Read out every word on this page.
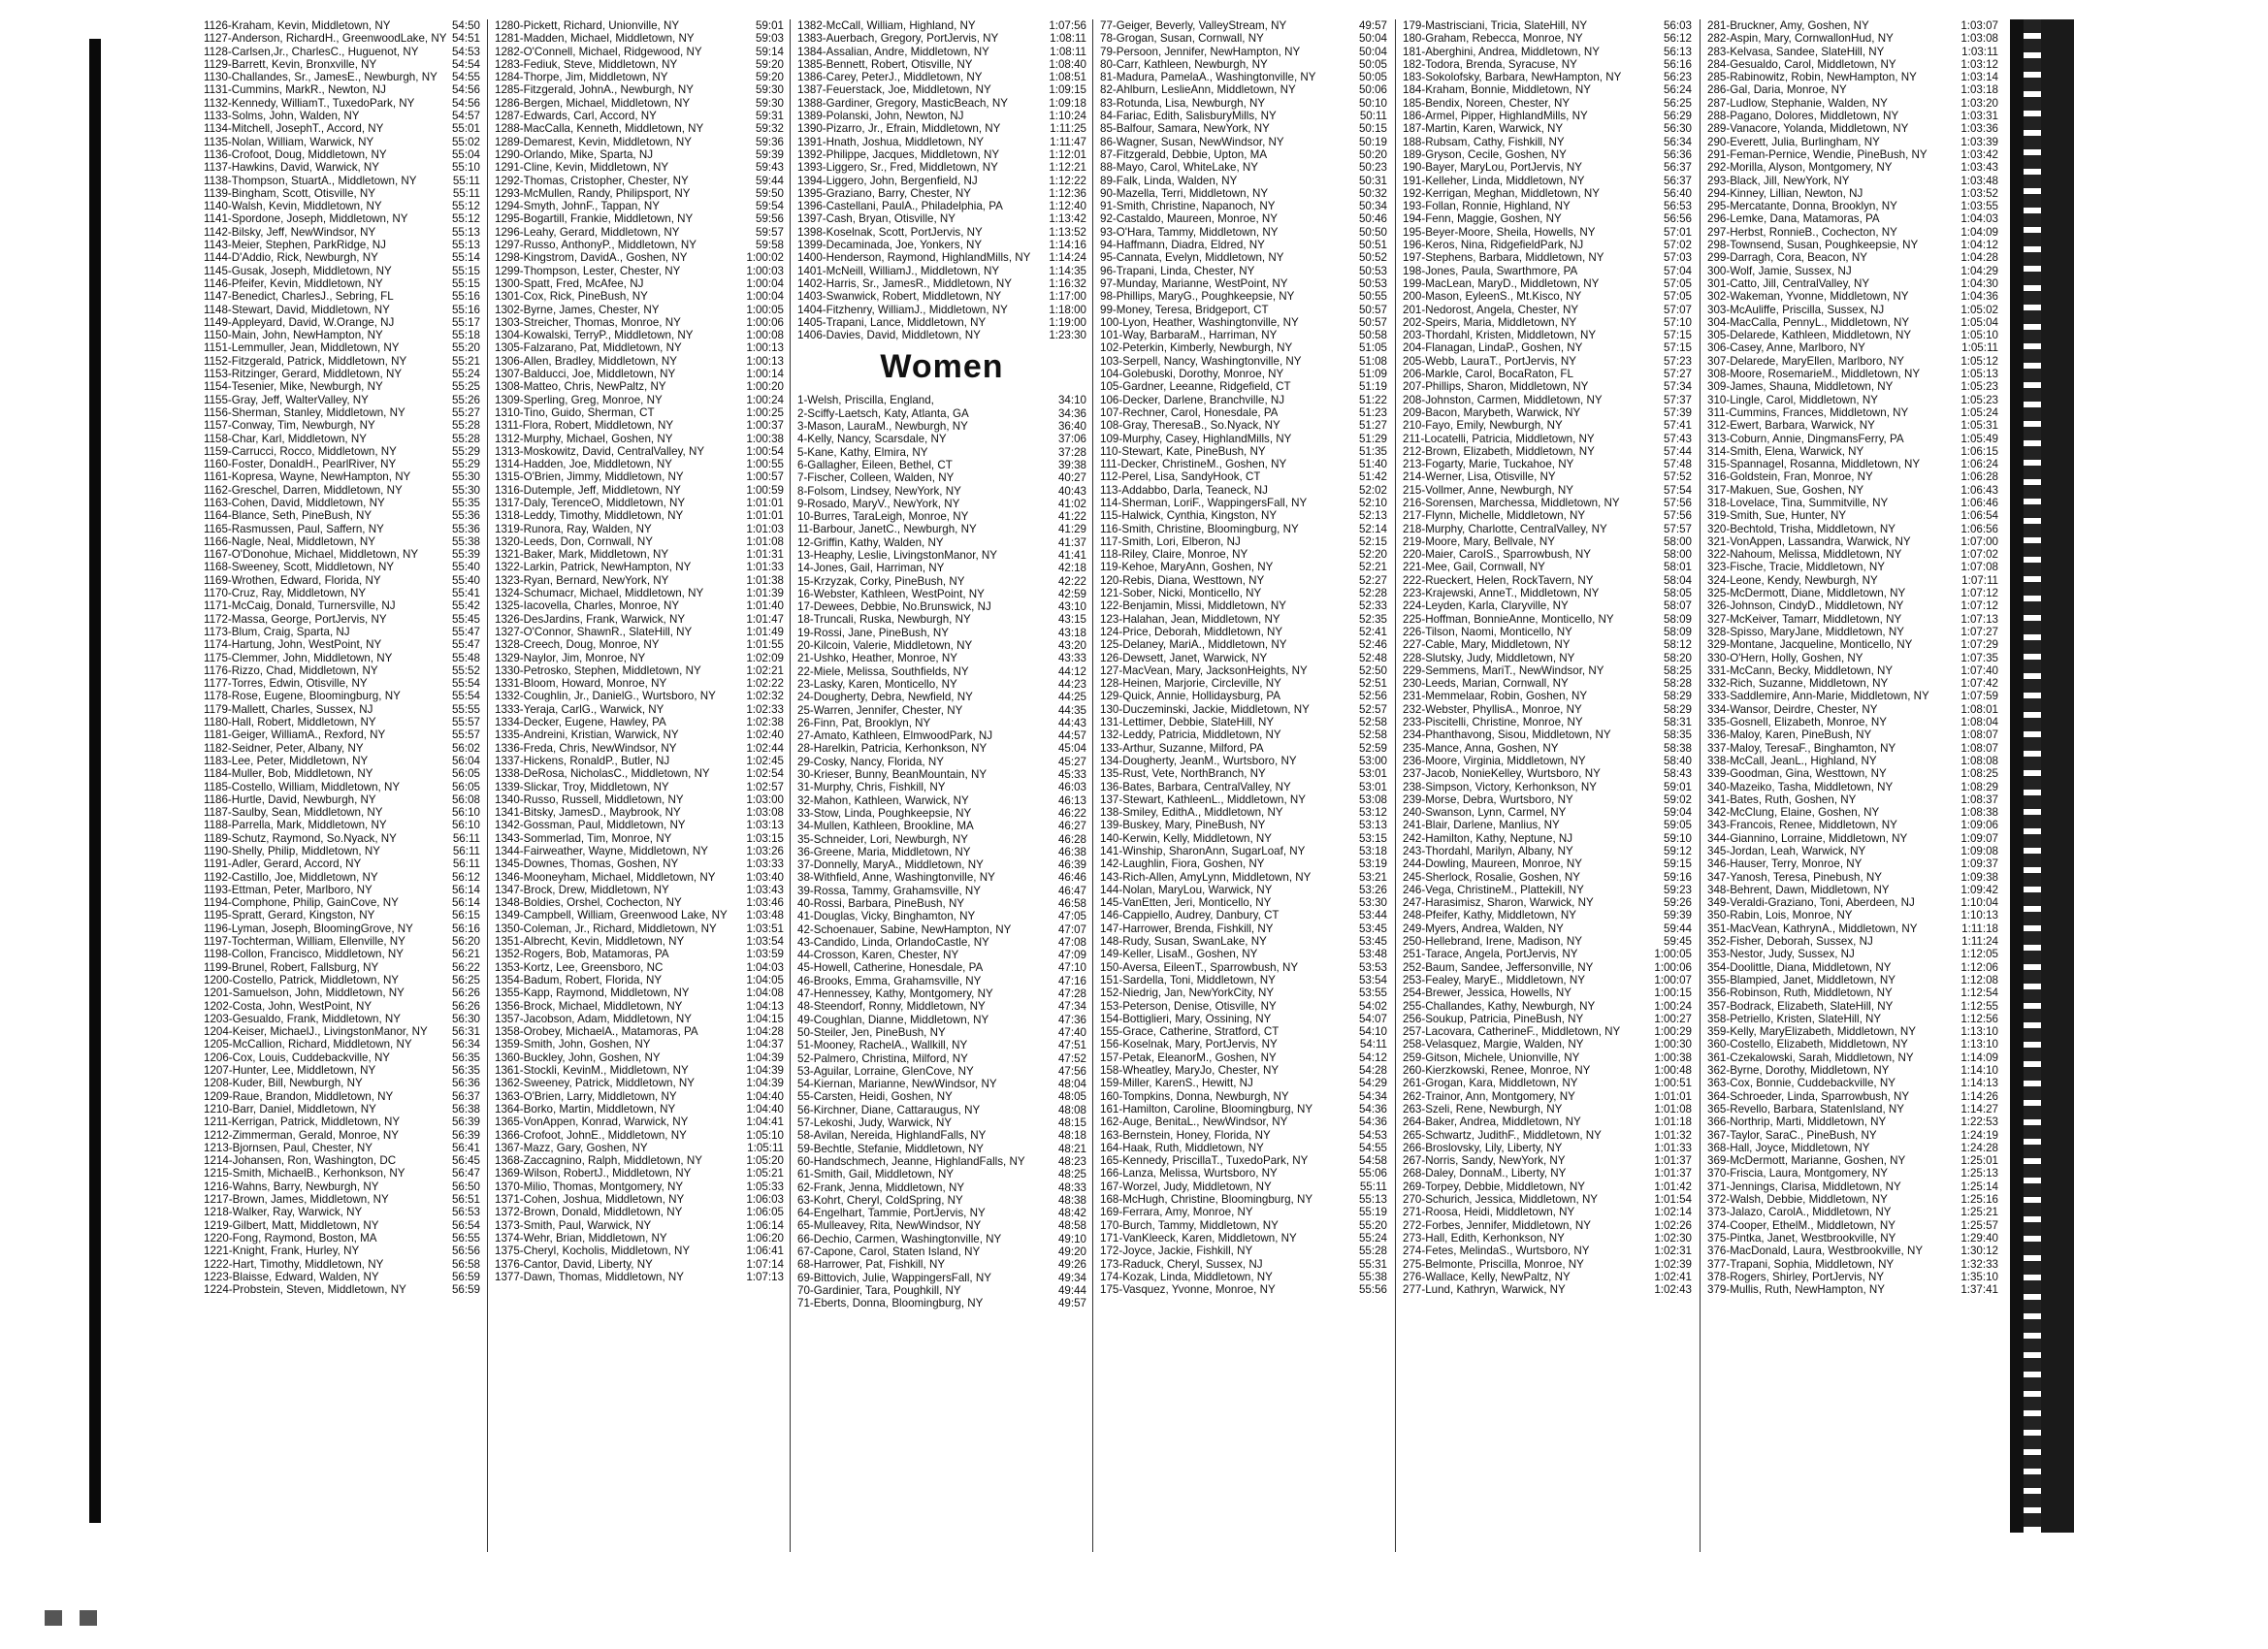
1126-Kraham, Kevin, Middletown, NY	54:50
1127-Anderson, RichardH., GreenwoodLake, NY 54:51
1128-Carlsen,Jr., CharlesC., Huguenot, NY	54:53
1129-Barrett, Kevin, Bronxville, NY	54:54
1130-Challandes, Sr., JamesE., Newburgh, NY	54:55
1131-Cummins, MarkR., Newton, NJ	54:56
1132-Kennedy, WilliamT., TuxedoPark, NY	54:56
1133-Solms, John, Walden, NY	54:57
1134-Mitchell, JosephT., Accord, NY	55:01
1135-Nolan, William, Warwick, NY	55:02
1136-Crofoot, Doug, Middletown, NY	55:04
1137-Hawkins, David, Warwick, NY	55:10
1138-Thompson, StuartA., Middletown, NY	55:11
1139-Bingham, Scott, Otisville, NY	55:11
1140-Walsh, Kevin, Middletown, NY	55:12
1141-Spordone, Joseph, Middletown, NY	55:12
1142-Bilsky, Jeff, NewWindsor, NY	55:13
1143-Meier, Stephen, ParkRidge, NJ	55:13
1144-D'Addio, Rick, Newburgh, NY	55:14
1145-Gusak, Joseph, Middletown, NY	55:15
1146-Pfeifer, Kevin, Middletown, NY	55:15
1147-Benedict, CharlesJ., Sebring, FL	55:16
1148-Stewart, David, Middletown, NY	55:16
1149-Appleyard, David, W.Orange, NJ	55:17
1150-Main, John, NewHampton, NY	55:18
1151-Lemmuller, Jean, Middletown, NY	55:20
1152-Fitzgerald, Patrick, Middletown, NY	55:21
1153-Ritzinger, Gerard, Middletown, NY	55:24
1154-Tesenier, Mike, Newburgh, NY	55:25
1155-Gray, Jeff, WalterValley, NY	55:26
1156-Sherman, Stanley, Middletown, NY	55:27
1157-Conway, Tim, Newburgh, NY	55:28
1158-Char, Karl, Middletown, NY	55:28
1159-Carrucci, Rocco, Middletown, NY	55:29
1160-Foster, DonaldH., PearlRiver, NY	55:29
1161-Kopresa, Wayne, NewHampton, NY	55:30
1162-Greschel, Darren, Middletown, NY	55:30
1163-Cohen, David, Middletown, NY	55:35
1164-Blance, Seth, PineBush, NY	55:36
1165-Rasmussen, Paul, Saffern, NY	55:36
1166-Nagle, Neal, Middletown, NY	55:38
1167-O'Donohue, Michael, Middletown, NY	55:39
1168-Sweeney, Scott, Middletown, NY	55:40
1169-Wrothen, Edward, Florida, NY	55:40
1170-Cruz, Ray, Middletown, NY	55:41
1171-McCaig, Donald, Turnersville, NJ	55:42
1172-Massa, George, PortJervis, NY	55:45
1173-Blum, Craig, Sparta, NJ	55:47
1174-Hartung, John, WestPoint, NY	55:47
1175-Clemmer, John, Middletown, NY	55:48
1176-Rizzo, Chad, Middletown, NY	55:52
1177-Torres, Edwin, Otisville, NY	55:54
1178-Rose, Eugene, Bloomingburg, NY	55:54
1179-Mallett, Charles, Sussex, NJ	55:55
1180-Hall, Robert, Middletown, NY	55:57
1181-Geiger, WilliamA., Rexford, NY	55:57
1182-Seidner, Peter, Albany, NY	56:02
1183-Lee, Peter, Middletown, NY	56:04
1184-Muller, Bob, Middletown, NY	56:05
1185-Costello, William, Middletown, NY	56:05
1186-Hurtle, David, Newburgh, NY	56:08
1187-Saulby, Sean, Middletown, NY	56:10
1188-Parrella, Mark, Middletown, NY	56:10
1189-Schutz, Raymond, So.Nyack, NY	56:11
1190-Shelly, Philip, Middletown, NY	56:11
1191-Adler, Gerard, Accord, NY	56:11
1192-Castillo, Joe, Middletown, NY	56:12
1193-Ettman, Peter, Marlboro, NY	56:14
1194-Comphone, Philip, GainCove, NY	56:14
1195-Spratt, Gerard, Kingston, NY	56:15
1196-Lyman, Joseph, BloomingGrove, NY	56:16
1197-Tochterman, William, Ellenville, NY	56:20
1198-Collon, Francisco, Middletown, NY	56:21
1199-Brunel, Robert, Fallsburg, NY	56:22
1200-Costello, Patrick, Middletown, NY	56:25
1201-Samuelson, John, Middletown, NY	56:26
1202-Costa, John, WestPoint, NY	56:26
1203-Gesualdo, Frank, Middletown, NY	56:30
1204-Keiser, MichaelJ., LivingstonManor, NY	56:31
1205-McCallion, Richard, Middletown, NY	56:34
1206-Cox, Louis, Cuddebackville, NY	56:35
1207-Hunter, Lee, Middletown, NY	56:35
1208-Kuder, Bill, Newburgh, NY	56:36
1209-Raue, Brandon, Middletown, NY	56:37
1210-Barr, Daniel, Middletown, NY	56:38
1211-Kerrigan, Patrick, Middletown, NY	56:39
1212-Zimmerman, Gerald, Monroe, NY	56:39
1213-Bjornsen, Paul, Chester, NY	56:41
1214-Johansen, Ron, Washington, DC	56:45
1215-Smith, MichaelB., Kerhonkson, NY	56:47
1216-Wahns, Barry, Newburgh, NY	56:50
1217-Brown, James, Middletown, NY	56:51
1218-Walker, Ray, Warwick, NY	56:53
1219-Gilbert, Matt, Middletown, NY	56:54
1220-Fong, Raymond, Boston, MA	56:55
1221-Knight, Frank, Hurley, NY	56:56
1222-Hart, Timothy, Middletown, NY	56:58
1223-Blaisse, Edward, Walden, NY	56:59
1224-Probstein, Steven, Middletown, NY	56:59
1280-Pickett, Richard, Unionville, NY	59:01
1281-Madden, Michael, Middletown, NY	59:03
1282-O'Connell, Michael, Ridgewood, NY	59:14
1283-Fediuk, Steve, Middletown, NY	59:20
1284-Thorpe, Jim, Middletown, NY	59:20
1285-Fitzgerald, JohnA., Newburgh, NY	59:30
1286-Bergen, Michael, Middletown, NY	59:30
1287-Edwards, Carl, Accord, NY	59:31
1288-MacCalla, Kenneth, Middletown, NY	59:32
1289-Demarest, Kevin, Middletown, NY	59:36
1290-Orlando, Mike, Sparta, NJ	59:39
1291-Cline, Kevin, Middletown, NY	59:43
1292-Thomas, Cristopher, Chester, NY	59:44
1293-McMullen, Randy, Philipsport, NY	59:50
1294-Smyth, JohnF., Tappan, NY	59:54
1295-Bogartill, Frankie, Middletown, NY	59:56
1296-Leahy, Gerard, Middletown, NY	59:57
1297-Russo, AnthonyP., Middletown, NY	59:58
1298-Kingstrom, DavidA., Goshen, NY	1:00:02
1299-Thompson, Lester, Chester, NY	1:00:03
1300-Spatt, Fred, McAfee, NJ	1:00:04
1301-Cox, Rick, PineBush, NY	1:00:04
1302-Byrne, James, Chester, NY	1:00:05
1303-Streicher, Thomas, Monroe, NY	1:00:06
1304-Kowalski, TerryP., Middletown, NY	1:00:08
1305-Falzarano, Pat, Middletown, NY	1:00:13
1306-Allen, Bradley, Middletown, NY	1:00:13
1307-Balducci, Joe, Middletown, NY	1:00:14
1308-Matteo, Chris, NewPaltz, NY	1:00:20
1309-Sperling, Greg, Monroe, NY	1:00:24
1310-Tino, Guido, Sherman, CT	1:00:25
1311-Flora, Robert, Middletown, NY	1:00:37
1312-Murphy, Michael, Goshen, NY	1:00:38
1313-Moskowitz, David, CentralValley, NY	1:00:54
1314-Hadden, Joe, Middletown, NY	1:00:55
1315-O'Brien, Jimmy, Middletown, NY	1:00:57
1316-Dutemple, Jeff, Middletown, NY	1:00:59
1317-Daly, TerenceO, Middletown, NY	1:01:01
1318-Leddy, Timothy, Middletown, NY	1:01:01
1319-Runora, Ray, Walden, NY	1:01:03
1320-Leeds, Don, Cornwall, NY	1:01:08
1321-Baker, Mark, Middletown, NY	1:01:31
1322-Larkin, Patrick, NewHampton, NY	1:01:33
1323-Ryan, Bernard, NewYork, NY	1:01:38
1324-Schumacr, Michael, Middletown, NY	1:01:39
1325-Iacovella, Charles, Monroe, NY	1:01:40
1326-DesJardins, Frank, Warwick, NY	1:01:47
1327-O'Connor, ShawnR., SlateHill, NY	1:01:49
1328-Creech, Doug, Monroe, NY	1:01:55
1329-Naylor, Jim, Monroe, NY	1:02:09
1330-Petrosko, Stephen, Middletown, NY	1:02:21
1331-Bloom, Howard, Monroe, NY	1:02:22
1332-Coughlin, Jr., DanielG., Wurtsboro, NY	1:02:32
1333-Yeraja, CarlG., Warwick, NY	1:02:33
1334-Decker, Eugene, Hawley, PA	1:02:38
1335-Andreini, Kristian, Warwick, NY	1:02:40
1336-Freda, Chris, NewWindsor, NY	1:02:44
1337-Hickens, RonaldP., Butler, NJ	1:02:45
1338-DeRosa, NicholasC., Middletown, NY	1:02:54
1339-Slickar, Troy, Middletown, NY	1:02:57
1340-Russo, Russell, Middletown, NY	1:03:00
1341-Bitsky, JamesD., Maybrook, NY	1:03:08
1342-Gossman, Paul, Middletown, NY	1:03:13
1343-Sommerlad, Tim, Monroe, NY	1:03:15
1344-Fairweather, Wayne, Middletown, NY	1:03:26
1345-Downes, Thomas, Goshen, NY	1:03:33
1346-Mooneyham, Michael, Middletown, NY	1:03:40
1347-Brock, Drew, Middletown, NY	1:03:43
1348-Boldies, Orshel, Cochecton, NY	1:03:46
1349-Campbell, William, Greenwood Lake, NY	1:03:48
1350-Coleman, Jr., Richard, Middletown, NY	1:03:51
1351-Albrecht, Kevin, Middletown, NY	1:03:54
1352-Rogers, Bob, Matamoras, PA	1:03:59
1353-Kortz, Lee, Greensboro, NC	1:04:03
1354-Badum, Robert, Florida, NY	1:04:05
1355-Kapp, Raymond, Middletown, NY	1:04:08
1356-Brock, Michael, Middletown, NY	1:04:13
1357-Jacobson, Adam, Middletown, NY	1:04:15
1358-Orobey, MichaelA., Matamoras, PA	1:04:28
1359-Smith, John, Goshen, NY	1:04:37
1360-Buckley, John, Goshen, NY	1:04:39
1361-Stockli, KevinM., Middletown, NY	1:04:39
1362-Sweeney, Patrick, Middletown, NY	1:04:39
1363-O'Brien, Larry, Middletown, NY	1:04:40
1364-Borko, Martin, Middletown, NY	1:04:40
1365-VonAppen, Konrad, Warwick, NY	1:04:41
1366-Crofoot, JohnE., Middletown, NY	1:05:10
1367-Mazz, Gary, Goshen, NY	1:05:11
1368-Zaccagnino, Ralph, Middletown, NY	1:05:20
1369-Wilson, RobertJ., Middletown, NY	1:05:21
1370-Milio, Thomas, Montgomery, NY	1:05:33
1371-Cohen, Joshua, Middletown, NY	1:06:03
1372-Brown, Donald, Middletown, NY	1:06:05
1373-Smith, Paul, Warwick, NY	1:06:14
1374-Wehr, Brian, Middletown, NY	1:06:20
1375-Cheryl, Kocholis, Middletown, NY	1:06:41
1376-Cantor, David, Liberty, NY	1:07:14
1377-Dawn, Thomas, Middletown, NY	1:07:13
1382-McCall, William, Highland, NY	1:07:56
1383-Auerbach, Gregory, PortJervis, NY	1:08:11
1384-Assalian, Andre, Middletown, NY	1:08:11
1385-Bennett, Robert, Otisville, NY	1:08:40
1386-Carey, PeterJ., Middletown, NY	1:08:51
1387-Feuerstack, Joe, Middletown, NY	1:09:15
1388-Gardiner, Gregory, MasticBeach, NY	1:09:18
1389-Polanski, John, Newton, NJ	1:10:24
1390-Pizarro, Jr., Efrain, Middletown, NY	1:11:25
1391-Hnath, Joshua, Middletown, NY	1:11:47
1392-Philippe, Jacques, Middletown, NY	1:12:01
1393-Liggero, Sr., Fred, Middletown, NY	1:12:21
1394-Liggero, John, Bergenfield, NJ	1:12:22
1395-Graziano, Barry, Chester, NY	1:12:36
1396-Castellani, PaulA., Philadelphia, PA	1:12:40
1397-Cash, Bryan, Otisville, NY	1:13:42
1398-Koselnak, Scott, PortJervis, NY	1:13:52
1399-Decaminada, Joe, Yonkers, NY	1:14:16
1400-Henderson, Raymond, HighlandMills, NY	1:14:24
1401-McNeill, WilliamJ., Middletown, NY	1:14:35
1402-Harris, Sr., JamesR., Middletown, NY	1:16:32
1403-Swanwick, Robert, Middletown, NY	1:17:00
1404-Fitzhenry, WilliamJ., Middletown, NY	1:18:00
1405-Trapani, Lance, Middletown, NY	1:19:00
1406-Davies, David, Middletown, NY	1:23:30
Women
1-Welsh, Priscilla, England,	34:10
2-Sciffy-Laetsch, Katy, Atlanta, GA	34:36
3-Mason, LauraM., Newburgh, NY	36:40
4-Kelly, Nancy, Scarsdale, NY	37:06
5-Kane, Kathy, Elmira, NY	37:28
6-Gallagher, Eileen, Bethel, CT	39:38
7-Fischer, Colleen, Walden, NY	40:27
8-Folsom, Lindsey, NewYork, NY	40:43
9-Rosado, MaryV., NewYork, NY	41:02
10-Burres, TaraLeigh, Monroe, NY	41:22
11-Barbour, JanetC., Newburgh, NY	41:29
12-Griffin, Kathy, Walden, NY	41:37
13-Heaphy, Leslie, LivingstonManor, NY	41:41
14-Jones, Gail, Harriman, NY	42:18
15-Krzyzak, Corky, PineBush, NY	42:22
16-Webster, Kathleen, WestPoint, NY	42:59
17-Dewees, Debbie, No.Brunswick, NJ	43:10
18-Truncali, Ruska, Newburgh, NY	43:15
19-Rossi, Jane, PineBush, NY	43:18
20-Kilcoin, Valerie, Middletown, NY	43:20
21-Ushko, Heather, Monroe, NY	43:33
22-Miele, Melissa, Southfields, NY	44:12
23-Lasky, Karen, Monticello, NY	44:23
24-Dougherty, Debra, Newfield, NY	44:25
25-Warren, Jennifer, Chester, NY	44:35
26-Finn, Pat, Brooklyn, NY	44:43
27-Amato, Kathleen, ElmwoodPark, NJ	44:57
28-Harelkin, Patricia, Kerhonkson, NY	45:04
29-Cosky, Nancy, Florida, NY	45:27
30-Krieser, Bunny, BeanMountain, NY	45:33
31-Murphy, Chris, Fishkill, NY	46:03
32-Mahon, Kathleen, Warwick, NY	46:13
33-Stow, Linda, Poughkeepsie, NY	46:22
34-Mullen, Kathleen, Brookline, MA	46:27
35-Schneider, Lori, Newburgh, NY	46:28
36-Greene, Maria, Middletown, NY	46:38
37-Donnelly, MaryA., Middletown, NY	46:39
38-Withfield, Anne, Washingtonville, NY	46:46
39-Rossa, Tammy, Grahamsville, NY	46:47
40-Rossi, Barbara, PineBush, NY	46:58
41-Douglas, Vicky, Binghamton, NY	47:05
42-Schoenauer, Sabine, NewHampton, NY	47:07
43-Candido, Linda, OrlandoCastle, NY	47:08
44-Crosson, Karen, Chester, NY	47:09
45-Howell, Catherine, Honesdale, PA	47:10
46-Brooks, Emma, Grahamsville, NY	47:16
47-Hennessey, Kathy, Montgomery, NY	47:28
48-Steendorf, Ronny, Middletown, NY	47:34
49-Coughlan, Dianne, Middletown, NY	47:36
50-Steiler, Jen, PineBush, NY	47:40
51-Mooney, RachelA., Wallkill, NY	47:51
52-Palmero, Christina, Milford, NY	47:52
53-Aguilar, Lorraine, GlenCove, NY	47:56
54-Kiernan, Marianne, NewWindsor, NY	48:04
55-Carsten, Heidi, Goshen, NY	48:05
56-Kirchner, Diane, Cattaraugus, NY	48:08
57-Lekoshi, Judy, Warwick, NY	48:15
58-Avilan, Nereida, HighlandFalls, NY	48:18
59-Bechtle, Stefanie, Middletown, NY	48:21
60-Handschmech, Jeanne, HighlandFalls, NY	48:23
61-Smith, Gail, Middletown, NY	48:25
62-Frank, Jenna, Middletown, NY	48:33
63-Kohrt, Cheryl, ColdSpring, NY	48:38
64-Engelhart, Tammie, PortJervis, NY	48:42
65-Mulleavey, Rita, NewWindsor, NY	48:58
66-Dechio, Carmen, Washingtonville, NY	49:10
67-Capone, Carol, Staten Island, NY	49:20
68-Harrower, Pat, Fishkill, NY	49:26
69-Bittovich, Julie, WappingersFall, NY	49:34
70-Gardinier, Tara, Poughkill, NY	49:44
71-Eberts, Donna, Bloomingburg, NY	49:57
77-Geiger, Beverly, ValleyStream, NY	49:57
78-Grogan, Susan, Cornwall, NY	50:04
79-Persoon, Jennifer, NewHampton, NY	50:04
80-Carr, Kathleen, Newburgh, NY	50:05
81-Madura, PamelaA., Washingtonville, NY	50:05
82-Ahlburn, LeslieAnn, Middletown, NY	50:06
83-Rotunda, Lisa, Newburgh, NY	50:10
84-Fariac, Edith, SalisburyMills, NY	50:11
85-Balfour, Samara, NewYork, NY	50:15
86-Wagner, Susan, NewWindsor, NY	50:19
87-Fitzgerald, Debbie, Upton, MA	50:20
88-Mayo, Carol, WhiteLake, NY	50:23
89-Falk, Linda, Walden, NY	50:31
90-Mazella, Terri, Middletown, NY	50:32
91-Smith, Christine, Napanoch, NY	50:34
92-Castaldo, Maureen, Monroe, NY	50:46
93-O'Hara, Tammy, Middletown, NY	50:50
94-Haffmann, Diadra, Eldred, NY	50:51
95-Cannata, Evelyn, Middletown, NY	50:52
96-Trapani, Linda, Chester, NY	50:53
97-Munday, Marianne, WestPoint, NY	50:53
98-Phillips, MaryG., Poughkeepsie, NY	50:55
99-Money, Teresa, Bridgeport, CT	50:57
100-Lyon, Heather, Washingtonville, NY	50:57
101-Way, BarbaraM., Harriman, NY	50:58
102-Peterkin, Kimberly, Newburgh, NY	51:05
103-Serpell, Nancy, Washingtonville, NY	51:08
104-Golebuski, Dorothy, Monroe, NY	51:09
105-Gardner, Leeanne, Ridgefield, CT	51:19
106-Decker, Darlene, Branchville, NJ	51:22
107-Rechner, Carol, Honesdale, PA	51:23
108-Gray, TheresaB., So.Nyack, NY	51:27
109-Murphy, Casey, HighlandMills, NY	51:29
110-Stewart, Kate, PineBush, NY	51:35
111-Decker, ChristineM., Goshen, NY	51:40
112-Perel, Lisa, SandyHook, CT	51:42
113-Addabbo, Darla, Teaneck, NJ	52:02
114-Sherman, LoriF., WappingersFall, NY	52:10
115-Halwick, Cynthia, Kingston, NY	52:13
116-Smith, Christine, Bloomingburg, NY	52:14
117-Smith, Lori, Elberon, NJ	52:15
118-Riley, Claire, Monroe, NY	52:20
119-Kehoe, MaryAnn, Goshen, NY	52:21
120-Rebis, Diana, Westtown, NY	52:27
121-Sober, Nicki, Monticello, NY	52:28
122-Benjamin, Missi, Middletown, NY	52:33
123-Halahan, Jean, Middletown, NY	52:35
124-Price, Deborah, Middletown, NY	52:41
125-Delaney, MariA., Middletown, NY	52:46
126-Dewsett, Janet, Warwick, NY	52:48
127-MacVean, Mary, JacksonHeights, NY	52:50
128-Heinen, Marjorie, Circleville, NY	52:51
129-Quick, Annie, Hollidaysburg, PA	52:56
130-Duczeminski, Jackie, Middletown, NY	52:57
131-Lettimer, Debbie, SlateHill, NY	52:58
132-Leddy, Patricia, Middletown, NY	52:58
133-Arthur, Suzanne, Milford, PA	52:59
134-Dougherty, JeanM., Wurtsboro, NY	53:00
135-Rust, Vete, NorthBranch, NY	53:01
136-Bates, Barbara, CentralValley, NY	53:01
137-Stewart, KathleenL., Middletown, NY	53:08
138-Smiley, EdithA., Middletown, NY	53:12
139-Buskey, Mary, PineBush, NY	53:13
140-Kerwin, Kelly, Middletown, NY	53:15
141-Winship, SharonAnn, SugarLoaf, NY	53:18
142-Laughlin, Fiora, Goshen, NY	53:19
143-Rich-Allen, AmyLynn, Middletown, NY	53:21
144-Nolan, MaryLou, Warwick, NY	53:26
145-VanEtten, Jeri, Monticello, NY	53:30
146-Cappiello, Audrey, Danbury, CT	53:44
147-Harrower, Brenda, Fishkill, NY	53:45
148-Rudy, Susan, SwanLake, NY	53:45
149-Keller, LisaM., Goshen, NY	53:48
150-Aversa, EileenT., Sparrowbush, NY	53:53
151-Sardella, Toni, Middletown, NY	53:54
152-Niedrig, Jan, NewYorkCity, NY	53:55
153-Peterson, Denise, Otisville, NY	54:02
154-Bottiglieri, Mary, Ossining, NY	54:07
155-Grace, Catherine, Stratford, CT	54:10
156-Koselnak, Mary, PortJervis, NY	54:11
157-Petak, EleanorM., Goshen, NY	54:12
158-Wheatley, MaryJo, Chester, NY	54:28
159-Miller, KarenS., Hewitt, NJ	54:29
160-Tompkins, Donna, Newburgh, NY	54:34
161-Hamilton, Caroline, Bloomingburg, NY	54:36
162-Auge, BenitaL., NewWindsor, NY	54:36
163-Bernstein, Honey, Florida, NY	54:53
164-Haak, Ruth, Middletown, NY	54:55
165-Kennedy, PriscillaT., TuxedoPark, NY	54:58
166-Lanza, Melissa, Wurtsboro, NY	55:06
167-Worzel, Judy, Middletown, NY	55:11
168-McHugh, Christine, Bloomingburg, NY	55:13
169-Ferrara, Amy, Monroe, NY	55:19
170-Burch, Tammy, Middletown, NY	55:20
171-VanKleeck, Karen, Middletown, NY	55:24
172-Joyce, Jackie, Fishkill, NY	55:28
173-Raduck, Cheryl, Sussex, NJ	55:31
174-Kozak, Linda, Middletown, NY	55:38
175-Vasquez, Yvonne, Monroe, NY	55:56
179-Mastrisciani, Tricia, SlateHill, NY	56:03
180-Graham, Rebecca, Monroe, NY	56:12
181-Aberghini, Andrea, Middletown, NY	56:13
182-Todora, Brenda, Syracuse, NY	56:16
183-Sokolofsky, Barbara, NewHampton, NY	56:23
184-Kraham, Bonnie, Middletown, NY	56:24
185-Bendix, Noreen, Chester, NY	56:25
186-Armel, Pipper, HighlandMills, NY	56:29
187-Martin, Karen, Warwick, NY	56:30
188-Rubsam, Cathy, Fishkill, NY	56:34
189-Gryson, Cecile, Goshen, NY	56:36
190-Bayer, MaryLou, PortJervis, NY	56:37
191-Kelleher, Linda, Middletown, NY	56:37
192-Kerrigan, Meghan, Middletown, NY	56:40
193-Follan, Ronnie, Highland, NY	56:53
194-Fenn, Maggie, Goshen, NY	56:56
195-Beyer-Moore, Sheila, Howells, NY	57:01
196-Keros, Nina, RidgefieldPark, NJ	57:02
197-Stephens, Barbara, Middletown, NY	57:03
198-Jones, Paula, Swarthmore, PA	57:04
199-MacLean, MaryD., Middletown, NY	57:05
200-Mason, EyleenS., Mt.Kisco, NY	57:05
201-Nedorost, Angela, Chester, NY	57:07
202-Speirs, Maria, Middletown, NY	57:10
203-Thordahl, Kristen, Middletown, NY	57:15
204-Flanagan, LindaP., Goshen, NY	57:15
205-Webb, LauraT., PortJervis, NY	57:23
206-Markle, Carol, BocaRaton, FL	57:27
207-Phillips, Sharon, Middletown, NY	57:34
208-Johnston, Carmen, Middletown, NY	57:37
209-Bacon, Marybeth, Warwick, NY	57:39
210-Fayo, Emily, Newburgh, NY	57:41
211-Locatelli, Patricia, Middletown, NY	57:43
212-Brown, Elizabeth, Middletown, NY	57:44
213-Fogarty, Marie, Tuckahoe, NY	57:48
214-Werner, Lisa, Otisville, NY	57:52
215-Vollmer, Anne, Newburgh, NY	57:54
216-Sorensen, Marchessa, Middletown, NY	57:56
217-Flynn, Michelle, Middletown, NY	57:56
218-Murphy, Charlotte, CentralValley, NY	57:57
219-Moore, Mary, Bellvale, NY	58:00
220-Maier, CarolS., Sparrowbush, NY	58:00
221-Mee, Gail, Cornwall, NY	58:01
222-Rueckert, Helen, RockTavern, NY	58:04
223-Krajewski, AnneT., Middletown, NY	58:05
224-Leyden, Karla, Claryville, NY	58:07
225-Hoffman, BonnieAnne, Monticello, NY	58:09
226-Tilson, Naomi, Monticello, NY	58:09
227-Cable, Mary, Middletown, NY	58:12
228-Slutsky, Judy, Middletown, NY	58:20
229-Semmens, MariT., NewWindsor, NY	58:25
230-Leeds, Marian, Cornwall, NY	58:28
231-Memmelaar, Robin, Goshen, NY	58:29
232-Webster, PhyllisA., Monroe, NY	58:29
233-Piscitelli, Christine, Monroe, NY	58:31
234-Phanthavong, Sisou, Middletown, NY	58:35
235-Mance, Anna, Goshen, NY	58:38
236-Moore, Virginia, Middletown, NY	58:40
237-Jacob, NonieKelley, Wurtsboro, NY	58:43
238-Simpson, Victory, Kerhonkson, NY	59:01
239-Morse, Debra, Wurtsboro, NY	59:02
240-Swanson, Lynn, Carmel, NY	59:04
241-Blair, Darlene, Manlius, NY	59:05
242-Hamilton, Kathy, Neptune, NJ	59:10
243-Thordahl, Marilyn, Albany, NY	59:12
244-Dowling, Maureen, Monroe, NY	59:15
245-Sherlock, Rosalie, Goshen, NY	59:16
246-Vega, ChristineM., Plattekill, NY	59:23
247-Harasimisz, Sharon, Warwick, NY	59:26
248-Pfeifer, Kathy, Middletown, NY	59:39
249-Myers, Andrea, Walden, NY	59:44
250-Hellebrand, Irene, Madison, NY	59:45
251-Tarace, Angela, PortJervis, NY	1:00:05
252-Baum, Sandee, Jeffersonville, NY	1:00:06
253-Fealey, MaryE., Middletown, NY	1:00:07
254-Brewer, Jessica, Howells, NY	1:00:15
255-Challandes, Kathy, Newburgh, NY	1:00:24
256-Soukup, Patricia, PineBush, NY	1:00:27
257-Lacovara, CatherineF., Middletown, NY	1:00:29
258-Velasquez, Margie, Walden, NY	1:00:30
259-Gitson, Michele, Unionville, NY	1:00:38
260-Kierzkowski, Renee, Monroe, NY	1:00:48
261-Grogan, Kara, Middletown, NY	1:00:51
262-Trainor, Ann, Montgomery, NY	1:01:01
263-Szeli, Rene, Newburgh, NY	1:01:08
264-Baker, Andrea, Middletown, NY	1:01:18
265-Schwartz, JudithF., Middletown, NY	1:01:32
266-Broslovsky, Lily, Liberty, NY	1:01:33
267-Norris, Sandy, NewYork, NY	1:01:37
268-Daley, DonnaM., Liberty, NY	1:01:37
269-Torpey, Debbie, Middletown, NY	1:01:42
270-Schurich, Jessica, Middletown, NY	1:01:54
271-Roosa, Heidi, Middletown, NY	1:02:14
272-Forbes, Jennifer, Middletown, NY	1:02:26
273-Hall, Edith, Kerhonkson, NY	1:02:30
274-Fetes, MelindaS., Wurtsboro, NY	1:02:31
275-Belmonte, Priscilla, Monroe, NY	1:02:39
276-Wallace, Kelly, NewPaltz, NY	1:02:41
277-Lund, Kathryn, Warwick, NY	1:02:43
281-Bruckner, Amy, Goshen, NY	1:03:07
282-Aspin, Mary, CornwallonHud, NY	1:03:08
283-Kelvasa, Sandee, SlateHill, NY	1:03:11
284-Gesualdo, Carol, Middletown, NY	1:03:12
285-Rabinowitz, Robin, NewHampton, NY	1:03:14
286-Gal, Daria, Monroe, NY	1:03:18
287-Ludlow, Stephanie, Walden, NY	1:03:20
288-Pagano, Dolores, Middletown, NY	1:03:31
289-Vanacore, Yolanda, Middletown, NY	1:03:36
290-Everett, Julia, Burlingham, NY	1:03:39
291-Feman-Pernice, Wendie, PineBush, NY	1:03:42
292-Morilla, Alyson, Montgomery, NY	1:03:43
293-Black, Jill, NewYork, NY	1:03:48
294-Kinney, Lillian, Newton, NJ	1:03:52
295-Mercatante, Donna, Brooklyn, NY	1:03:55
296-Lemke, Dana, Matamoras, PA	1:04:03
297-Herbst, RonnieB., Cochecton, NY	1:04:09
298-Townsend, Susan, Poughkeepsie, NY	1:04:12
299-Darragh, Cora, Beacon, NY	1:04:28
300-Wolf, Jamie, Sussex, NJ	1:04:29
301-Catto, Jill, CentralValley, NY	1:04:30
302-Wakeman, Yvonne, Middletown, NY	1:04:36
303-McAuliffe, Priscilla, Sussex, NJ	1:05:02
304-MacCalla, PennyL., Middletown, NY	1:05:04
305-Delarede, Kathleen, Middletown, NY	1:05:10
306-Casey, Anne, Marlboro, NY	1:05:11
307-Delarede, MaryEllen, Marlboro, NY	1:05:12
308-Moore, RosemarieM., Middletown, NY	1:05:13
309-James, Shauna, Middletown, NY	1:05:23
310-Lingle, Carol, Middletown, NY	1:05:23
311-Cummins, Frances, Middletown, NY	1:05:24
312-Ewert, Barbara, Warwick, NY	1:05:31
313-Coburn, Annie, DingmansFerry, PA	1:05:49
314-Smith, Elena, Warwick, NY	1:06:15
315-Spannagel, Rosanna, Middletown, NY	1:06:24
316-Goldstein, Fran, Monroe, NY	1:06:28
317-Makuen, Sue, Goshen, NY	1:06:43
318-Lovelace, Tina, Summitville, NY	1:06:46
319-Smith, Sue, Hunter, NY	1:06:54
320-Bechtold, Trisha, Middletown, NY	1:06:56
321-VonAppen, Lassandra, Warwick, NY	1:07:00
322-Nahoum, Melissa, Middletown, NY	1:07:02
323-Fische, Tracie, Middletown, NY	1:07:08
324-Leone, Kendy, Newburgh, NY	1:07:11
325-McDermott, Diane, Middletown, NY	1:07:12
326-Johnson, CindyD., Middletown, NY	1:07:12
327-McKeiver, Tamarr, Middletown, NY	1:07:13
328-Spisso, MaryJane, Middletown, NY	1:07:27
329-Montane, Jacqueline, Monticello, NY	1:07:29
330-O'Hern, Holly, Goshen, NY	1:07:35
331-McCann, Becky, Middletown, NY	1:07:40
332-Rich, Suzanne, Middletown, NY	1:07:42
333-Saddlemire, Ann-Marie, Middletown, NY	1:07:59
334-Wansor, Deirdre, Chester, NY	1:08:01
335-Gosnell, Elizabeth, Monroe, NY	1:08:04
336-Maloy, Karen, PineBush, NY	1:08:07
337-Maloy, TeresaF., Binghamton, NY	1:08:07
338-McCall, JeanL., Highland, NY	1:08:08
339-Goodman, Gina, Westtown, NY	1:08:25
340-Mazeiko, Tasha, Middletown, NY	1:08:29
341-Bates, Ruth, Goshen, NY	1:08:37
342-McClung, Elaine, Goshen, NY	1:08:38
343-Francois, Renee, Middletown, NY	1:09:06
344-Giannino, Lorraine, Middletown, NY	1:09:07
345-Jordan, Leah, Warwick, NY	1:09:08
346-Hauser, Terry, Monroe, NY	1:09:37
347-Yanosh, Teresa, Pinebush, NY	1:09:38
348-Behrent, Dawn, Middletown, NY	1:09:42
349-Veraldi-Graziano, Toni, Aberdeen, NJ	1:10:04
350-Rabin, Lois, Monroe, NY	1:10:13
351-MacVean, KathrynA., Middletown, NY	1:11:18
352-Fisher, Deborah, Sussex, NJ	1:11:24
353-Nestor, Judy, Sussex, NJ	1:12:05
354-Doolittle, Diana, Middletown, NY	1:12:06
355-Blampied, Janet, Middletown, NY	1:12:08
356-Robinson, Ruth, Middletown, NY	1:12:54
357-Bodrack, Elizabeth, SlateHill, NY	1:12:55
358-Petriello, Kristen, SlateHill, NY	1:12:56
359-Kelly, MaryElizabeth, Middletown, NY	1:13:10
360-Costello, Elizabeth, Middletown, NY	1:13:10
361-Czekalowski, Sarah, Middletown, NY	1:14:09
362-Byrne, Dorothy, Middletown, NY	1:14:10
363-Cox, Bonnie, Cuddebackville, NY	1:14:13
364-Schroeder, Linda, Sparrowbush, NY	1:14:26
365-Revello, Barbara, StatenIsland, NY	1:14:27
366-Northrip, Marti, Middletown, NY	1:22:53
367-Taylor, SaraC., PineBush, NY	1:24:19
368-Hall, Joyce, Middletown, NY	1:24:28
369-McDermott, Marianne, Goshen, NY	1:25:01
370-Friscia, Laura, Montgomery, NY	1:25:13
371-Jennings, Clarisa, Middletown, NY	1:25:14
372-Walsh, Debbie, Middletown, NY	1:25:16
373-Jalazo, CarolA., Middletown, NY	1:25:21
374-Cooper, EthelM., Middletown, NY	1:25:57
375-Pintka, Janet, Westbrookville, NY	1:29:40
376-MacDonald, Laura, Westbrookville, NY	1:30:12
377-Trapani, Sophia, Middletown, NY	1:32:33
378-Rogers, Shirley, PortJervis, NY	1:35:10
379-Mullis, Ruth, NewHampton, NY	1:37:41
